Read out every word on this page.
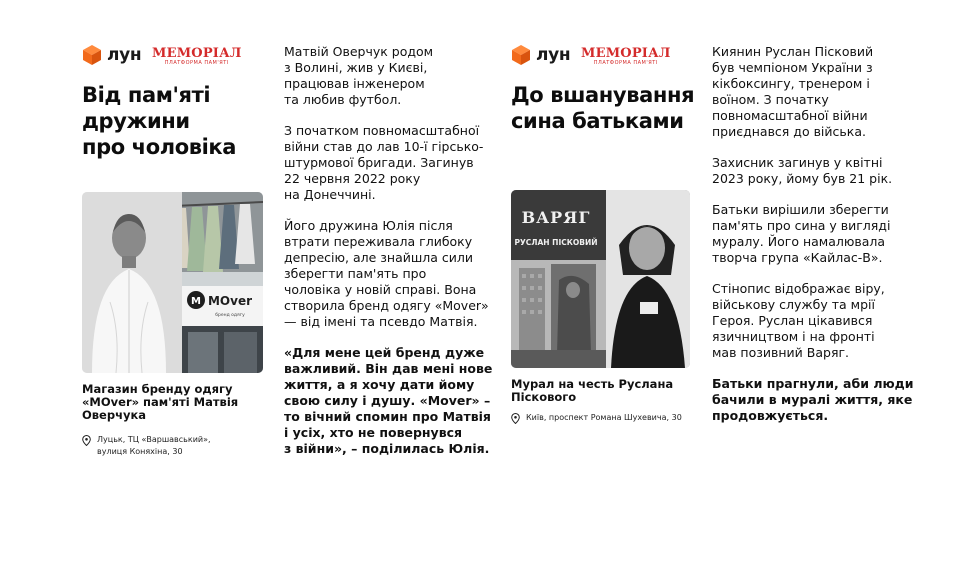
лун МЕМОРІАЛ
ПЛАТФОРМА ПАМ'ЯТІ
Від пам'яті
дружини
про чоловіка
M MOver
бренд одягу
Магазин бренду одягу «MOver» пам'яті Матвія Оверчука
Луцьк, ТЦ «Варшавський»,
вулиця Коняхіна, 30

Матвій Оверчук родом
з Волині, жив у Києві,
працював інженером
та любив футбол.

З початком повномасштабної
війни став до лав 10-ї гірсько-
штурмової бригади. Загинув
22 червня 2022 року
на Донеччині.

Його дружина Юлія після
втрати переживала глибоку
депресію, але знайшла сили
зберегти пам'ять про
чоловіка у новій справі. Вона
створила бренд одягу «Mover»
— від імені та псевдо Матвія.

«Для мене цей бренд дуже
важливий. Він дав мені нове
життя, а я хочу дати йому
свою силу і душу. «Mover» –
то вічний спомин про Матвія
і усіх, хто не повернувся
з війни», – поділилась Юлія.

лун МЕМОРІАЛ
ПЛАТФОРМА ПАМ'ЯТІ
До вшанування
сина батьками
ВАРЯГ
РУСЛАН ПІСКОВИЙ
Мурал на честь Руслана Піскового
Київ, проспект Романа Шухевича, 30

Киянин Руслан Пісковий
був чемпіоном України з
кікбоксингу, тренером і
воїном. З початку
повномасштабної війни
приєднався до війська.

Захисник загинув у квітні
2023 року, йому був 21 рік.

Батьки вирішили зберегти
пам'ять про сина у вигляді
муралу. Його намалювала
творча група «Кайлас-В».

Стінопис відображає віру,
військову службу та мрії
Героя. Руслан цікавився
язичництвом і на фронті
мав позивний Варяг.

Батьки прагнули, аби люди
бачили в муралі життя, яке
продовжується.
